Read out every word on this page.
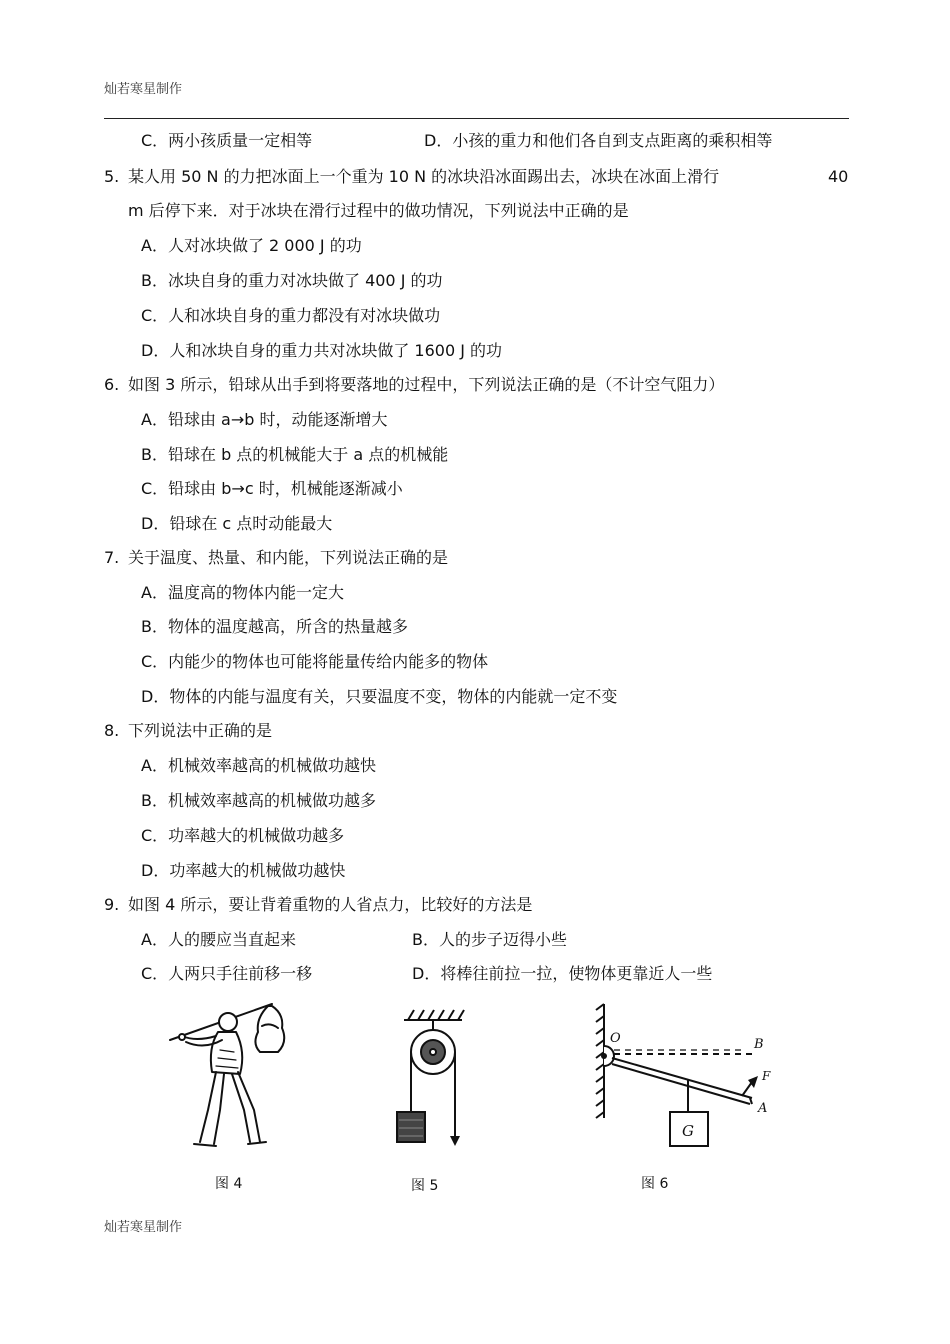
灿若寒星制作
C．两小孩质量一定相等	D．小孩的重力和他们各自到支点距离的乘积相等
5. 某人用 50 N 的力把冰面上一个重为 10 N 的冰块沿冰面踢出去，冰块在冰面上滑行	40
m 后停下来．对于冰块在滑行过程中的做功情况，下列说法中正确的是
A．人对冰块做了 2 000 J 的功
B．冰块自身的重力对冰块做了 400 J 的功
C．人和冰块自身的重力都没有对冰块做功
D．人和冰块自身的重力共对冰块做了 1600 J 的功
6. 如图 3 所示，铅球从出手到将要落地的过程中，下列说法正确的是（不计空气阻力）
A．铅球由 a→b 时，动能逐渐增大
B．铅球在 b 点的机械能大于 a 点的机械能
C．铅球由 b→c 时，机械能逐渐减小
D．铅球在 c 点时动能最大
7. 关于温度、热量、和内能，下列说法正确的是
A．温度高的物体内能一定大
B．物体的温度越高，所含的热量越多
C．内能少的物体也可能将能量传给内能多的物体
D．物体的内能与温度有关，只要温度不变，物体的内能就一定不变
8. 下列说法中正确的是
A．机械效率越高的机械做功越快
B．机械效率越高的机械做功越多
C．功率越大的机械做功越多
D．功率越大的机械做功越快
9. 如图 4 所示，要让背着重物的人省点力，比较好的方法是
A．人的腰应当直起来	B．人的步子迈得小些
C．人两只手往前移一移	D．将棒往前拉一拉，使物体更靠近人一些
图 4	图 5
O	B
F
A
G
图 6
灿若寒星制作
